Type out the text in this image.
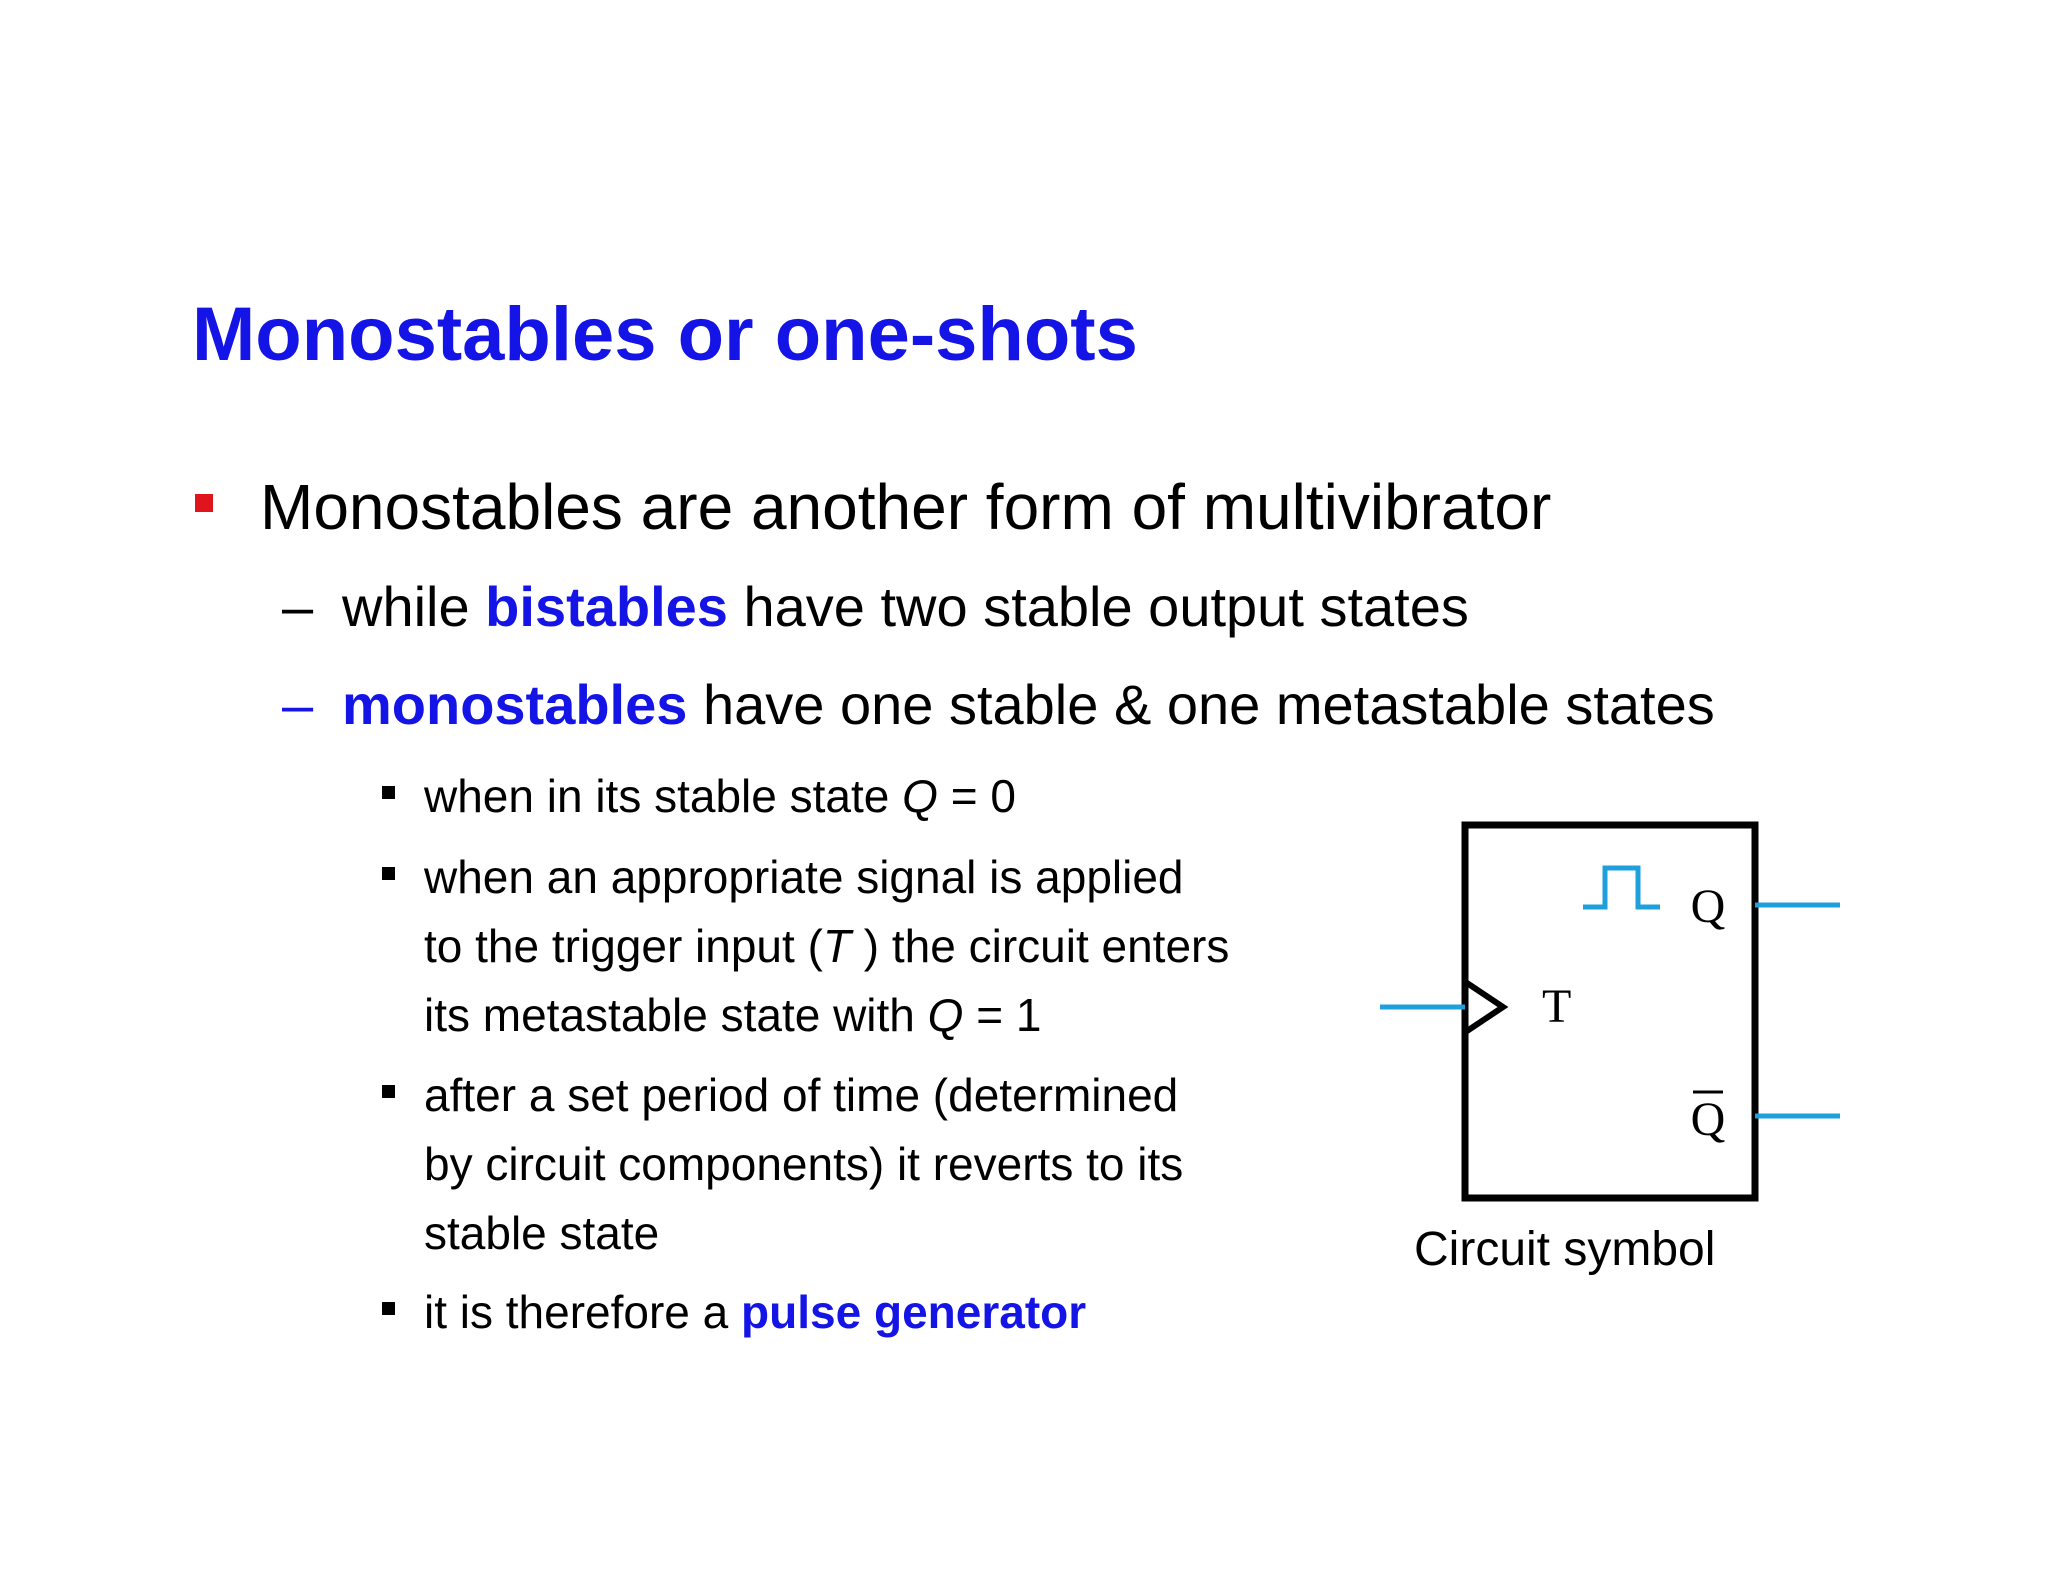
Monostables or one-shots
Monostables are another form of multivibrator
– while bistables have two stable output states
– monostables have one stable & one metastable states
when in its stable state Q = 0
when an appropriate signal is applied
to the trigger input (T ) the circuit enters
its metastable state with Q = 1
after a set period of time (determined
by circuit components) it reverts to its
stable state
it is therefore a pulse generator
T
Q
Q
Circuit symbol
